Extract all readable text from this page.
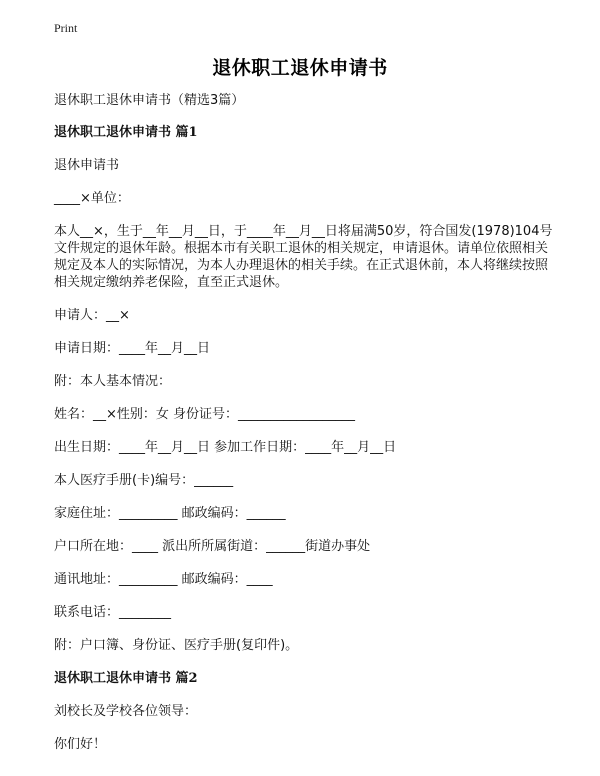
Print
退休职工退休申请书

退休职工退休申请书（精选3篇）

退休职工退休申请书 篇1

退休申请书

____×单位：

本人__×，生于__年__月__日，于____年__月__日将届满50岁，符合国发(1978)104号文件规定的退休年龄。根据本市有关职工退休的相关规定，申请退休。请单位依照相关规定及本人的实际情况，为本人办理退休的相关手续。在正式退休前，本人将继续按照相关规定缴纳养老保险，直至正式退休。

申请人：__×

申请日期：____年__月__日

附：本人基本情况：

姓名：__×性别：女 身份证号：__________________

出生日期：____年__月__日 参加工作日期：____年__月__日

本人医疗手册(卡)编号：______

家庭住址：_________ 邮政编码：______

户口所在地：____ 派出所所属街道：______街道办事处

通讯地址：_________ 邮政编码：____

联系电话：________

附：户口簿、身份证、医疗手册(复印件)。

退休职工退休申请书 篇2

刘校长及学校各位领导：

你们好！
